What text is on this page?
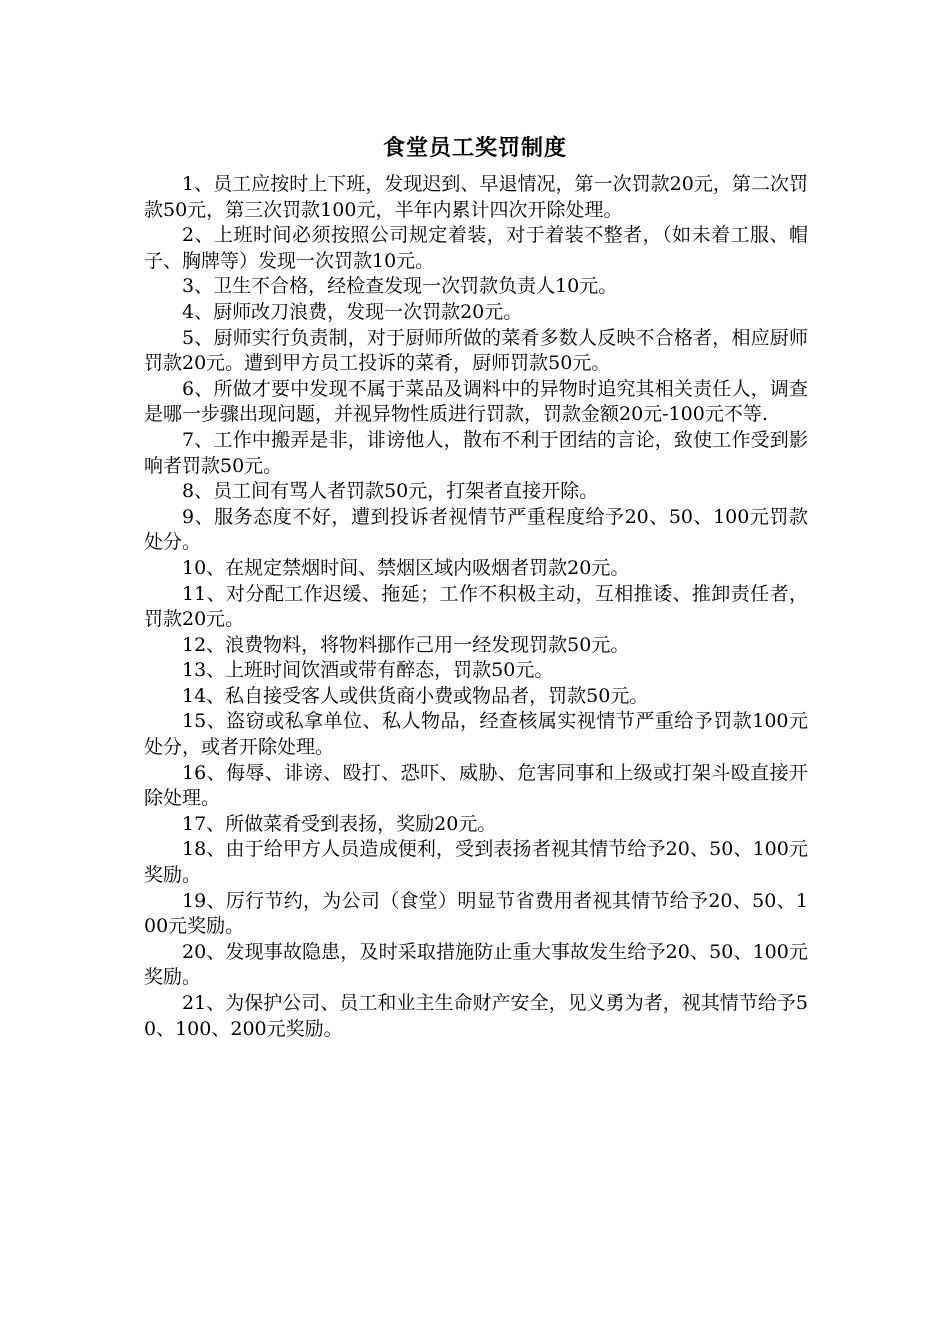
食堂员工奖罚制度
1、员工应按时上下班，发现迟到、早退情况，第一次罚款20元，第二次罚款50元，第三次罚款100元，半年内累计四次开除处理。
2、上班时间必须按照公司规定着装，对于着装不整者，（如未着工服、帽子、胸牌等）发现一次罚款10元。
3、卫生不合格，经检查发现一次罚款负责人10元。
4、厨师改刀浪费，发现一次罚款20元。
5、厨师实行负责制，对于厨师所做的菜肴多数人反映不合格者，相应厨师罚款20元。遭到甲方员工投诉的菜肴，厨师罚款50元。
6、所做才要中发现不属于菜品及调料中的异物时追究其相关责任人，调查是哪一步骤出现问题，并视异物性质进行罚款，罚款金额20元-100元不等.
7、工作中搬弄是非，诽谤他人，散布不利于团结的言论，致使工作受到影响者罚款50元。
8、员工间有骂人者罚款50元，打架者直接开除。
9、服务态度不好，遭到投诉者视情节严重程度给予20、50、100元罚款处分。
10、在规定禁烟时间、禁烟区域内吸烟者罚款20元。
11、对分配工作迟缓、拖延；工作不积极主动，互相推诿、推卸责任者，罚款20元。
12、浪费物料，将物料挪作己用一经发现罚款50元。
13、上班时间饮酒或带有醉态，罚款50元。
14、私自接受客人或供货商小费或物品者，罚款50元。
15、盗窃或私拿单位、私人物品，经查核属实视情节严重给予罚款100元处分，或者开除处理。
16、侮辱、诽谤、殴打、恐吓、威胁、危害同事和上级或打架斗殴直接开除处理。
17、所做菜肴受到表扬，奖励20元。
18、由于给甲方人员造成便利，受到表扬者视其情节给予20、50、100元奖励。
19、厉行节约，为公司（食堂）明显节省费用者视其情节给予20、50、100元奖励。
20、发现事故隐患，及时采取措施防止重大事故发生给予20、50、100元奖励。
21、为保护公司、员工和业主生命财产安全，见义勇为者，视其情节给予50、100、200元奖励。
